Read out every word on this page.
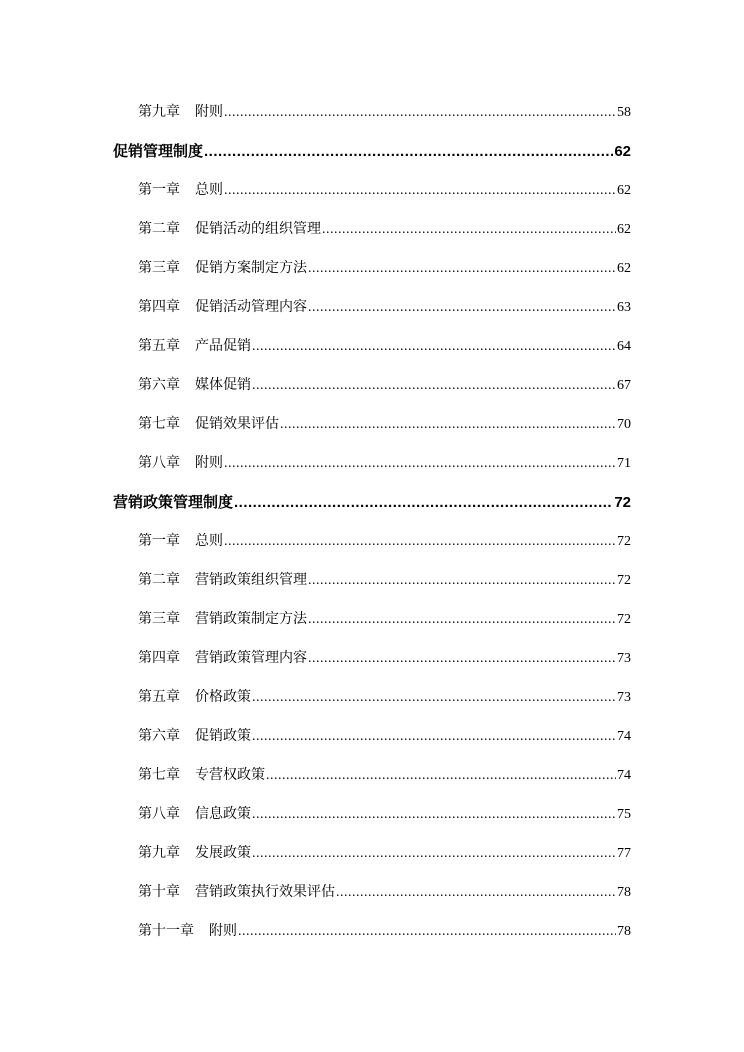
第九章 附则 .....	58
促销管理制度 .....	62
第一章 总则 .....	62
第二章 促销活动的组织管理 .....	62
第三章 促销方案制定方法 .....	62
第四章 促销活动管理内容 .....	63
第五章 产品促销 .....	64
第六章 媒体促销 .....	67
第七章 促销效果评估 .....	70
第八章 附则 .....	71
营销政策管理制度 .....	72
第一章 总则 .....	72
第二章 营销政策组织管理 .....	72
第三章 营销政策制定方法 .....	72
第四章 营销政策管理内容 .....	73
第五章 价格政策 .....	73
第六章 促销政策 .....	74
第七章 专营权政策 .....	74
第八章 信息政策 .....	75
第九章 发展政策 .....	77
第十章 营销政策执行效果评估 .....	78
第十一章 附则 .....	78
